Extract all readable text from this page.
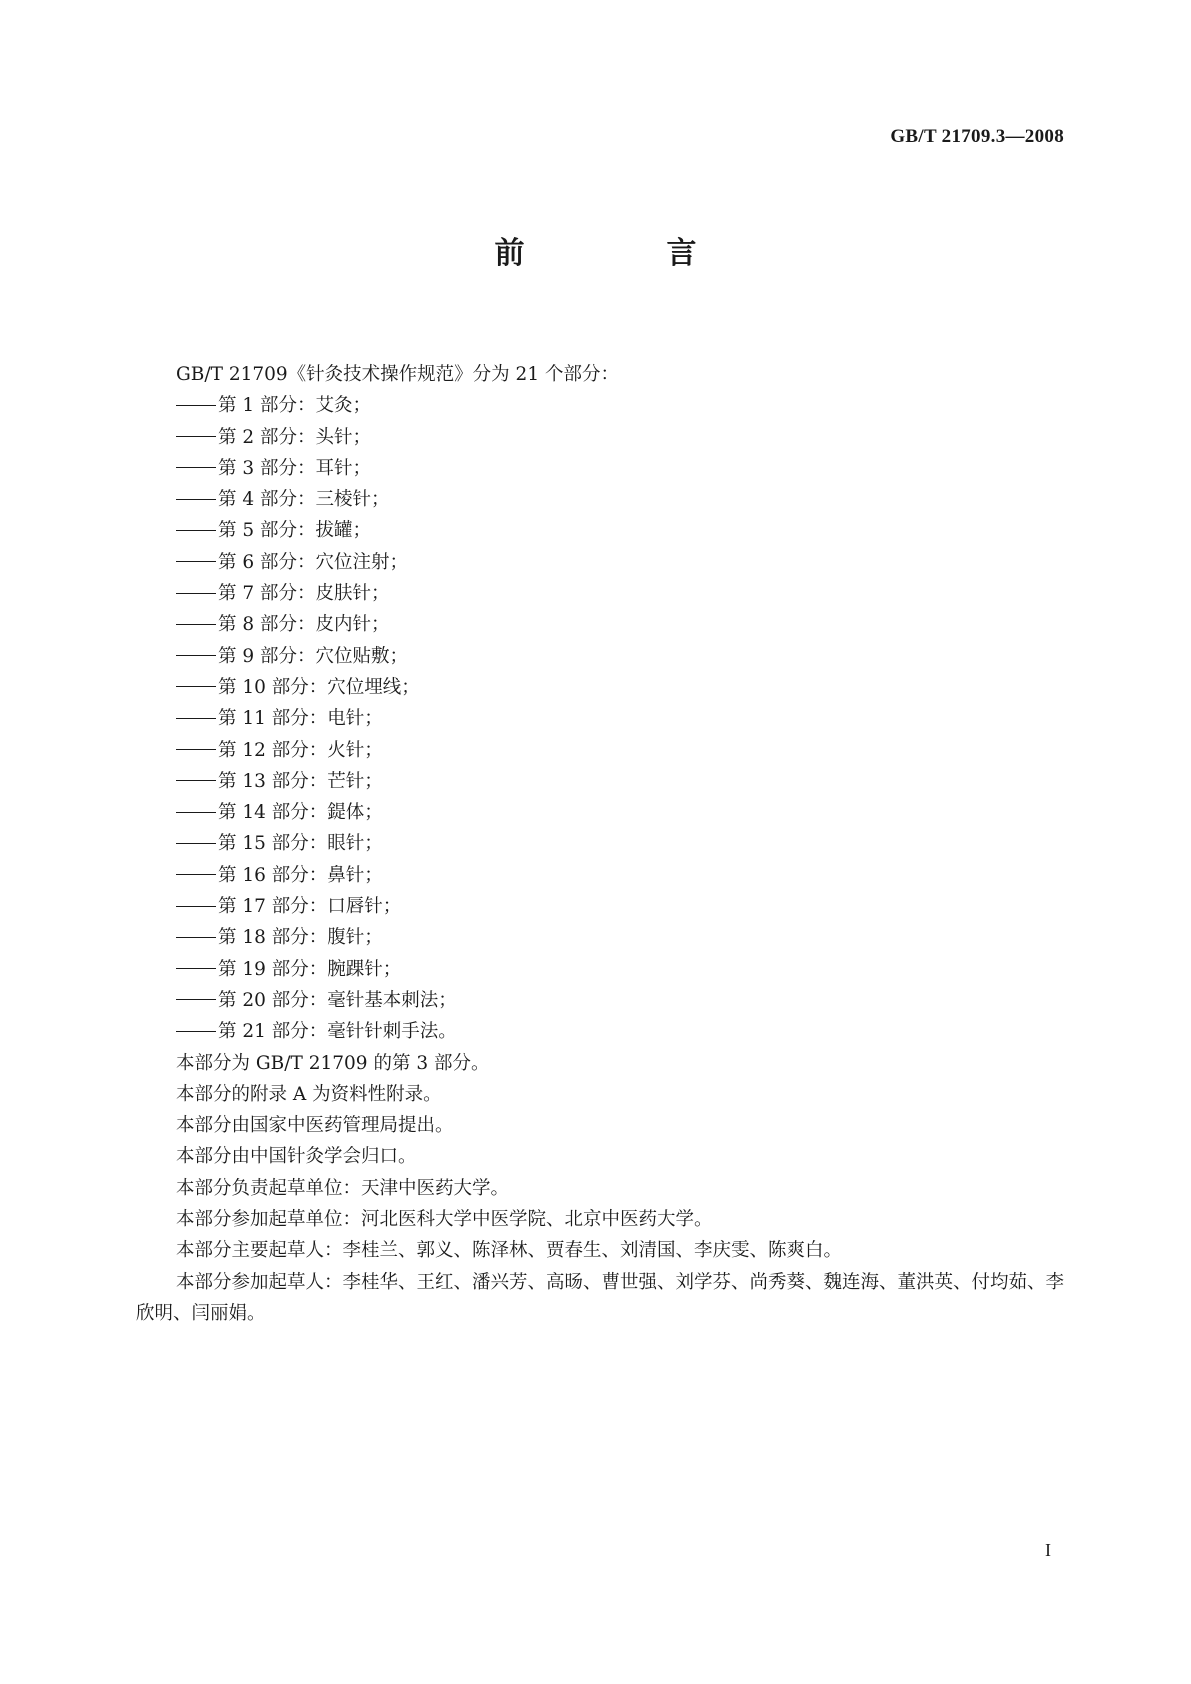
GB/T 21709.3—2008
前　言

GB/T 21709《针灸技术操作规范》分为 21 个部分：

第 1 部分：艾灸；

第 2 部分：头针；

第 3 部分：耳针；

第 4 部分：三棱针；

第 5 部分：拔罐；

第 6 部分：穴位注射；

第 7 部分：皮肤针；

第 8 部分：皮内针；

第 9 部分：穴位贴敷；

第 10 部分：穴位埋线；

第 11 部分：电针；

第 12 部分：火针；

第 13 部分：芒针；

第 14 部分：鍉体；

第 15 部分：眼针；

第 16 部分：鼻针；

第 17 部分：口唇针；

第 18 部分：腹针；

第 19 部分：腕踝针；

第 20 部分：毫针基本刺法；

第 21 部分：毫针针刺手法。

本部分为 GB/T 21709 的第 3 部分。

本部分的附录 A 为资料性附录。

本部分由国家中医药管理局提出。

本部分由中国针灸学会归口。

本部分负责起草单位：天津中医药大学。

本部分参加起草单位：河北医科大学中医学院、北京中医药大学。

本部分主要起草人：李桂兰、郭义、陈泽林、贾春生、刘清国、李庆雯、陈爽白。

本部分参加起草人：李桂华、王红、潘兴芳、高旸、曹世强、刘学芬、尚秀葵、魏连海、董洪英、付均茹、李欣明、闫丽娟。

I
